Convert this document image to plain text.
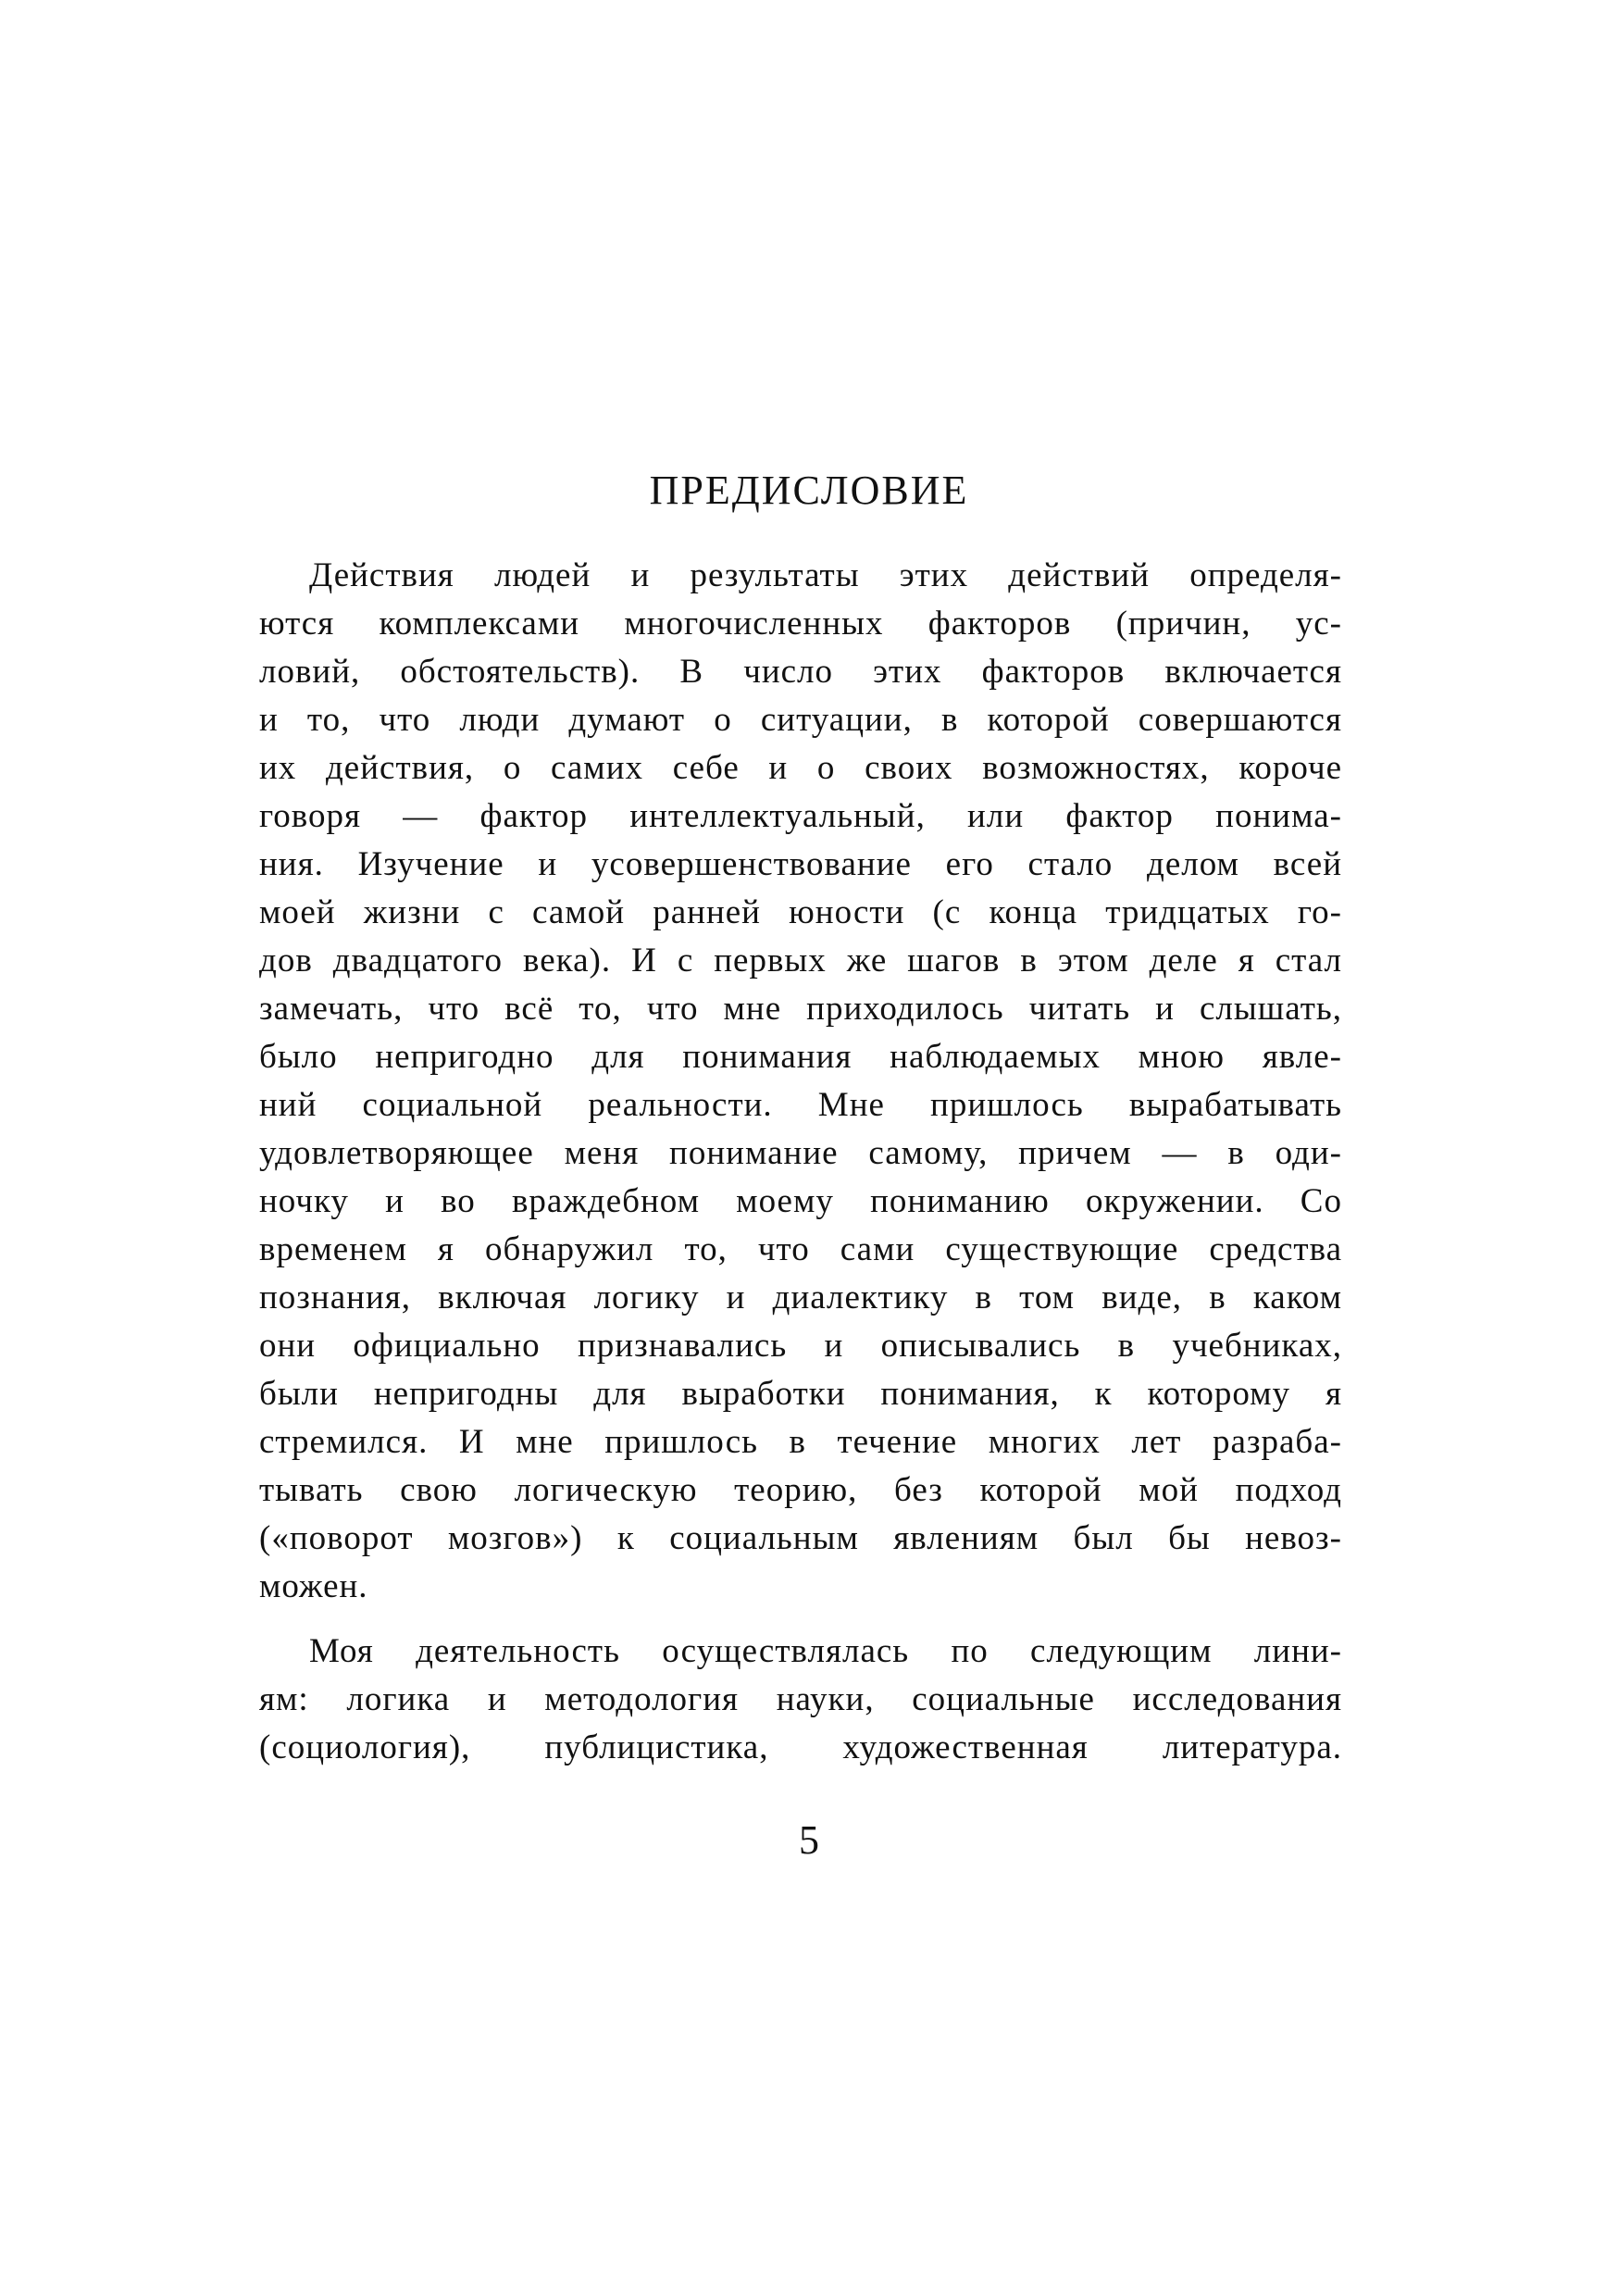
ПРЕДИСЛОВИЕ
Действия людей и результаты этих действий определя-
ются комплексами многочисленных факторов (причин, ус-
ловий, обстоятельств). В число этих факторов включается
и то, что люди думают о ситуации, в которой совершаются
их действия, о самих себе и о своих возможностях, короче
говоря — фактор интеллектуальный, или фактор понима-
ния. Изучение и усовершенствование его стало делом всей
моей жизни с самой ранней юности (с конца тридцатых го-
дов двадцатого века). И с первых же шагов в этом деле я стал
замечать, что всё то, что мне приходилось читать и слышать,
было непригодно для понимания наблюдаемых мною явле-
ний социальной реальности. Мне пришлось вырабатывать
удовлетворяющее меня понимание самому, причем — в оди-
ночку и во враждебном моему пониманию окружении. Со
временем я обнаружил то, что сами существующие средства
познания, включая логику и диалектику в том виде, в каком
они официально признавались и описывались в учебниках,
были непригодны для выработки понимания, к которому я
стремился. И мне пришлось в течение многих лет разраба-
тывать свою логическую теорию, без которой мой подход
(«поворот мозгов») к социальным явлениям был бы невоз-
можен.
Моя деятельность осуществлялась по следующим лини-
ям: логика и методология науки, социальные исследования
(социология), публицистика, художественная литература.
5
